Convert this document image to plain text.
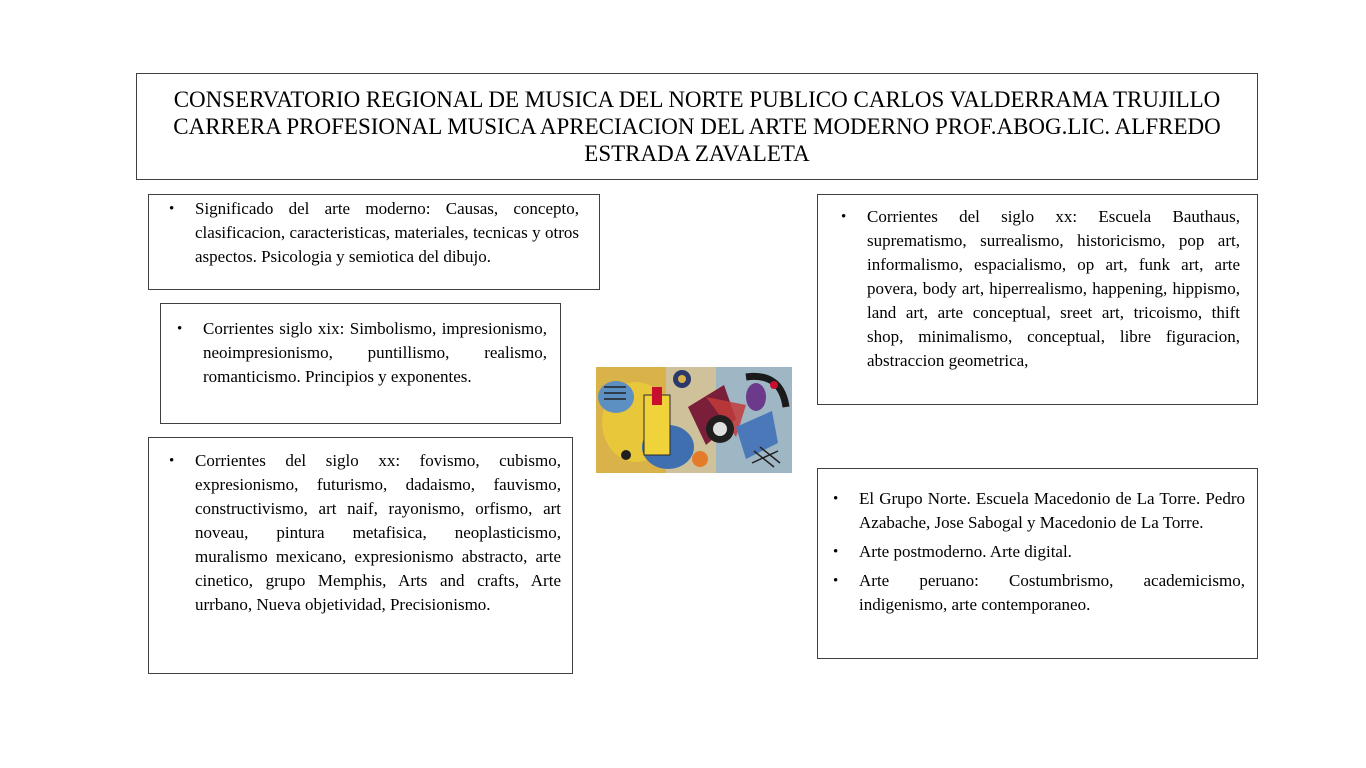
CONSERVATORIO REGIONAL DE MUSICA DEL NORTE PUBLICO CARLOS VALDERRAMA TRUJILLO CARRERA PROFESIONAL MUSICA APRECIACION DEL ARTE MODERNO PROF.ABOG.LIC. ALFREDO ESTRADA ZAVALETA

• Significado del arte moderno: Causas, concepto, clasificacion, caracteristicas, materiales, tecnicas y otros aspectos. Psicologia y semiotica del dibujo.
• Corrientes siglo xix: Simbolismo, impresionismo, neoimpresionismo, puntillismo, realismo, romanticismo. Principios y exponentes.
• Corrientes del siglo xx: fovismo, cubismo, expresionismo, futurismo, dadaismo, fauvismo, constructivismo, art naif, rayonismo, orfismo, art noveau, pintura metafisica, neoplasticismo, muralismo mexicano, expresionismo abstracto, arte cinetico, grupo Memphis, Arts and crafts, Arte urrbano, Nueva objetividad, Precisionismo.
• Corrientes del siglo xx: Escuela Bauthaus, suprematismo, surrealismo, historicismo, pop art, informalismo, espacialismo, op art, funk art, arte povera, body art, hiperrealismo, happening, hippismo, land art, arte conceptual, sreet art, tricoismo, thift shop, minimalismo, conceptual, libre figuracion, abstraccion geometrica,
• El Grupo Norte. Escuela Macedonio de La Torre. Pedro Azabache, Jose Sabogal y Macedonio de La Torre.
• Arte postmoderno. Arte digital.
• Arte peruano: Costumbrismo, academicismo, indigenismo, arte contemporaneo.
